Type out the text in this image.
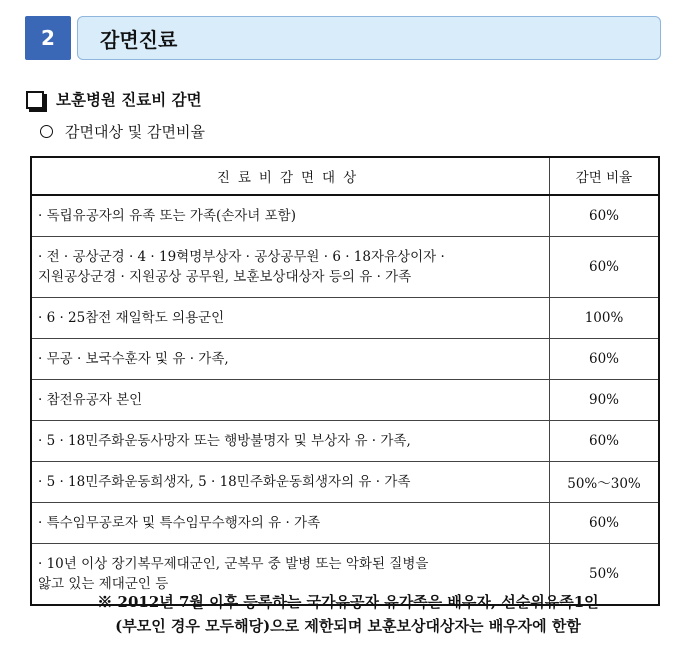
2	감면진료
보훈병원 진료비 감면
감면대상 및 감면비율
진료비감면대상	감면 비율
· 독립유공자의 유족 또는 가족(손자녀 포함)	60%
· 전 · 공상군경 · 4 · 19혁명부상자 · 공상공무원 · 6 · 18자유상이자 ·
지원공상군경 · 지원공상 공무원, 보훈보상대상자 등의 유 · 가족	60%
· 6 · 25참전 재일학도 의용군인	100%
· 무공 · 보국수훈자 및 유 · 가족,	60%
· 참전유공자 본인	90%
· 5 · 18민주화운동사망자 또는 행방불명자 및 부상자 유 · 가족,	60%
· 5 · 18민주화운동희생자, 5 · 18민주화운동희생자의 유 · 가족	50%～30%
· 특수임무공로자 및 특수임무수행자의 유 · 가족	60%
· 10년 이상 장기복무제대군인, 군복무 중 발병 또는 악화된 질병을
앓고 있는 제대군인 등	50%
※ 2012년 7월 이후 등록하는 국가유공자 유가족은 배우자, 선순위유족1인
(부모인 경우 모두해당)으로 제한되며 보훈보상대상자는 배우자에 한함
